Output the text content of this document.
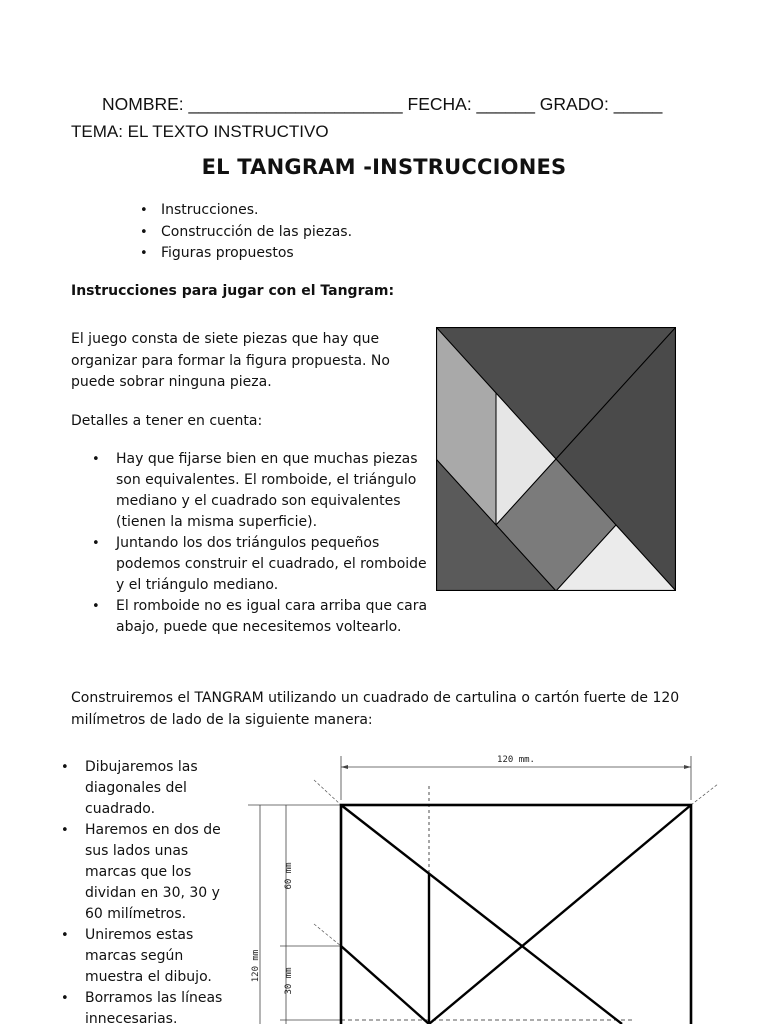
NOMBRE: ______________________ FECHA: ______ GRADO: _____
TEMA: EL TEXTO INSTRUCTIVO
EL TANGRAM -INSTRUCCIONES
• Instrucciones.
• Construcción de las piezas.
• Figuras propuestos
Instrucciones para jugar con el Tangram:
El juego consta de siete piezas que hay que organizar para formar la figura propuesta. No puede sobrar ninguna pieza.
Detalles a tener en cuenta:
• Hay que fijarse bien en que muchas piezas son equivalentes. El romboide, el triángulo mediano y el cuadrado son equivalentes (tienen la misma superficie).
• Juntando los dos triángulos pequeños podemos construir el cuadrado, el romboide y el triángulo mediano.
• El romboide no es igual cara arriba que cara abajo, puede que necesitemos voltearlo.
Construiremos el TANGRAM utilizando un cuadrado de cartulina o cartón fuerte de 120 milímetros de lado de la siguiente manera:
• Dibujaremos las diagonales del cuadrado.
• Haremos en dos de sus lados unas marcas que los dividan en 30, 30 y 60 milímetros.
• Uniremos estas marcas según muestra el dibujo.
• Borramos las líneas innecesarias.
120 mm.
120 mm
60 mm
30 mm
